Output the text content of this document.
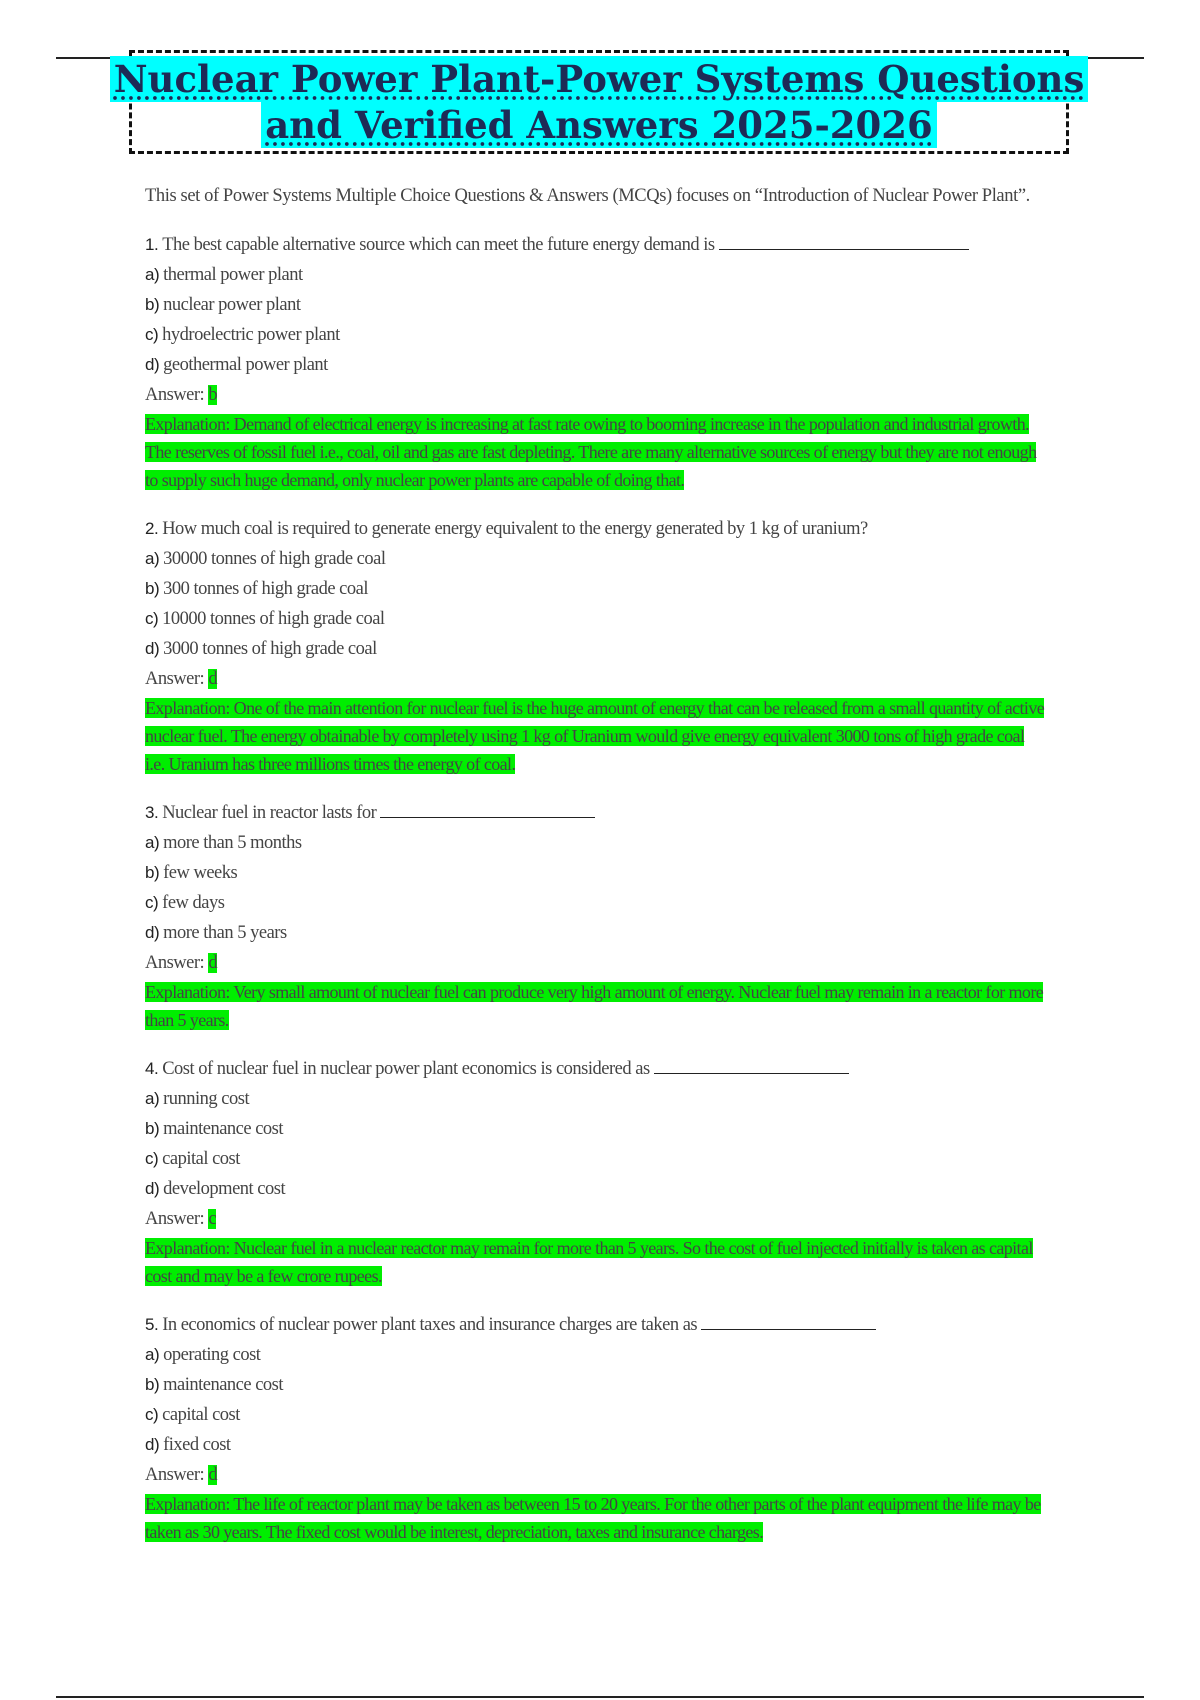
Nuclear Power Plant-Power Systems Questions
and Verified Answers 2025-2026

This set of Power Systems Multiple Choice Questions & Answers (MCQs) focuses on “Introduction of Nuclear Power Plant”.

1. The best capable alternative source which can meet the future energy demand is
a) thermal power plant
b) nuclear power plant
c) hydroelectric power plant
d) geothermal power plant
Answer: b

Explanation: Demand of electrical energy is increasing at fast rate owing to booming increase in the population and industrial growth. The reserves of fossil fuel i.e., coal, oil and gas are fast depleting. There are many alternative sources of energy but they are not enough to supply such huge demand, only nuclear power plants are capable of doing that.

2. How much coal is required to generate energy equivalent to the energy generated by 1 kg of uranium?
a) 30000 tonnes of high grade coal
b) 300 tonnes of high grade coal
c) 10000 tonnes of high grade coal
d) 3000 tonnes of high grade coal
Answer: d

Explanation: One of the main attention for nuclear fuel is the huge amount of energy that can be released from a small quantity of active nuclear fuel. The energy obtainable by completely using 1 kg of Uranium would give energy equivalent 3000 tons of high grade coal i.e. Uranium has three millions times the energy of coal.

3. Nuclear fuel in reactor lasts for
a) more than 5 months
b) few weeks
c) few days
d) more than 5 years
Answer: d

Explanation: Very small amount of nuclear fuel can produce very high amount of energy. Nuclear fuel may remain in a reactor for more than 5 years.

4. Cost of nuclear fuel in nuclear power plant economics is considered as
a) running cost
b) maintenance cost
c) capital cost
d) development cost
Answer: c

Explanation: Nuclear fuel in a nuclear reactor may remain for more than 5 years. So the cost of fuel injected initially is taken as capital cost and may be a few crore rupees.

5. In economics of nuclear power plant taxes and insurance charges are taken as
a) operating cost
b) maintenance cost
c) capital cost
d) fixed cost
Answer: d

Explanation: The life of reactor plant may be taken as between 15 to 20 years. For the other parts of the plant equipment the life may be taken as 30 years. The fixed cost would be interest, depreciation, taxes and insurance charges.
